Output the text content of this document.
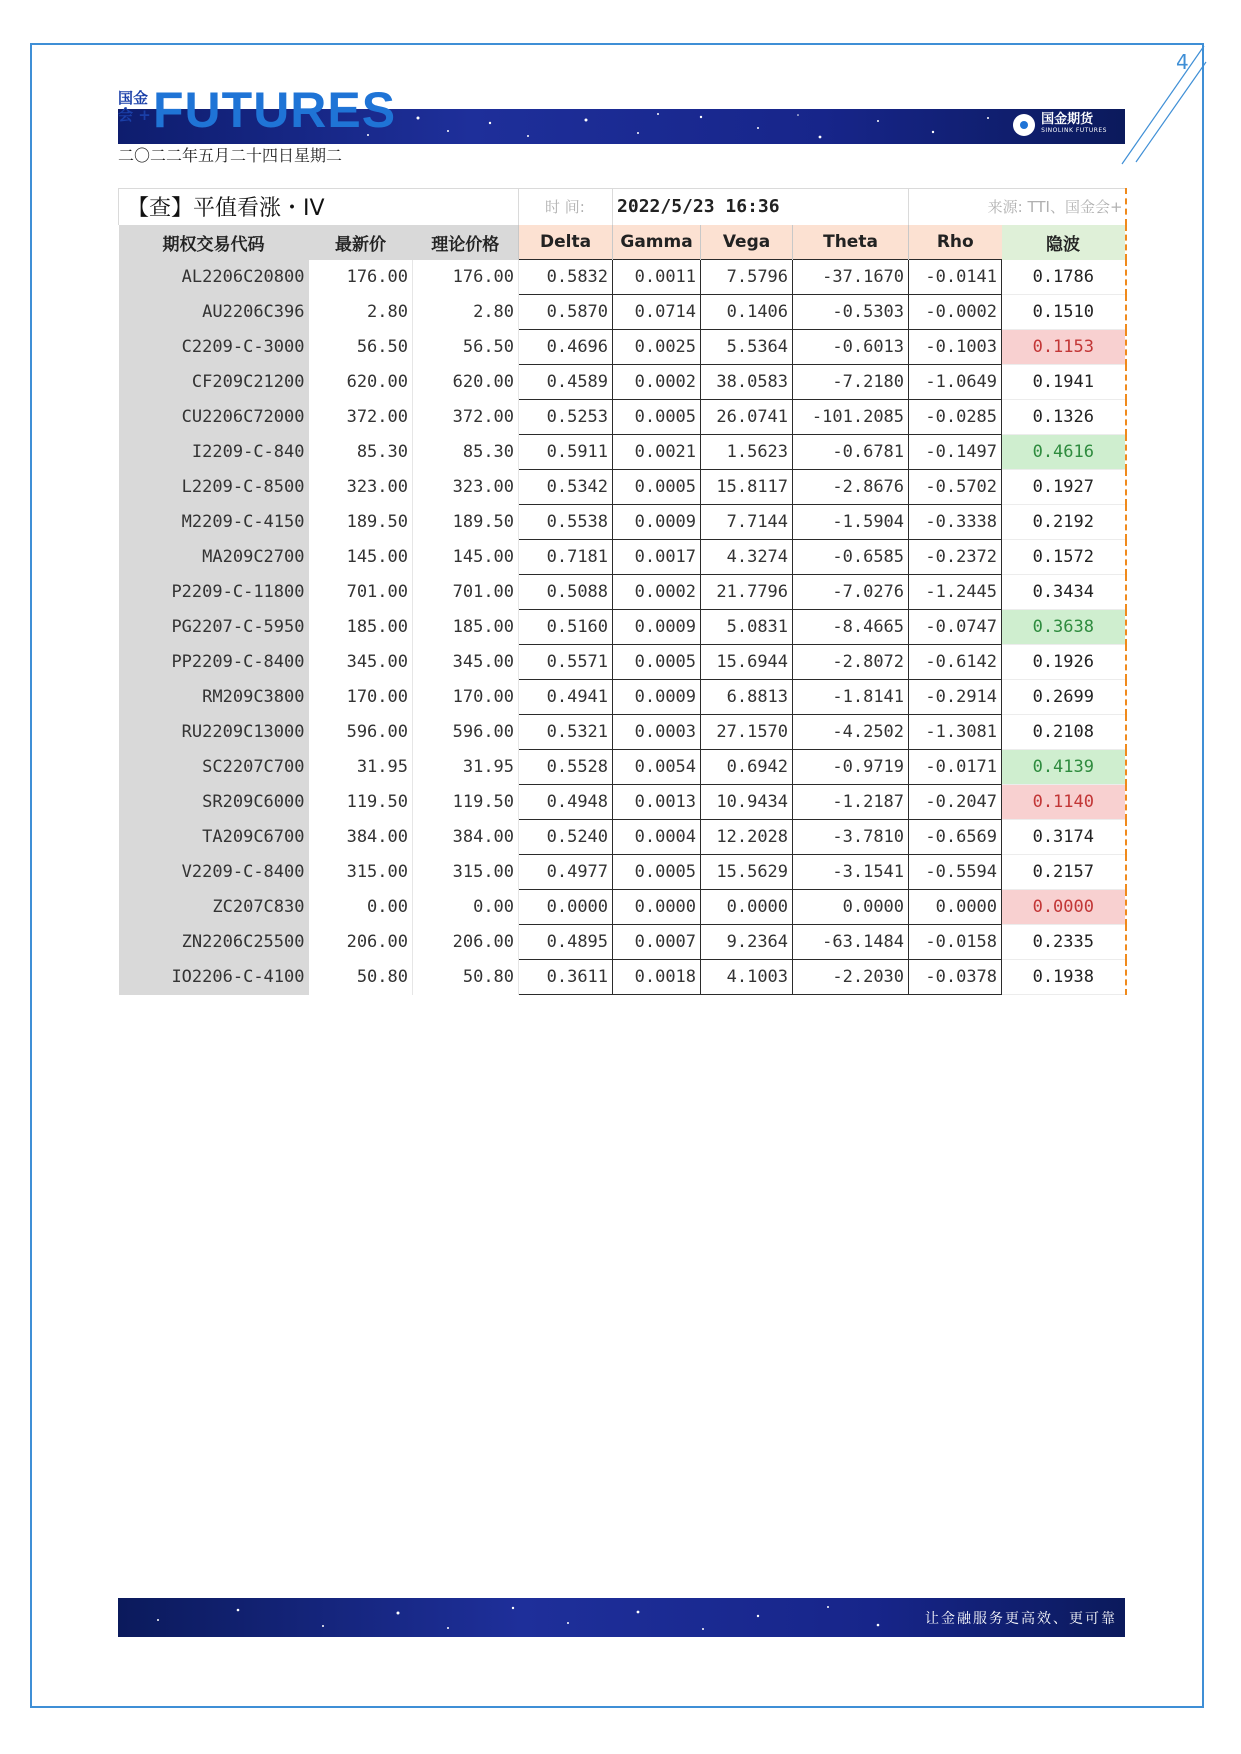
4
国金期货
SINOLINK FUTURES
国金
会 + FUTURES
二〇二二年五月二十四日星期二
【查】平值看涨・IV			时 间:	2022/5/23 16:36			来源: TTI、国金会+	
期权交易代码	最新价	理论价格	Delta	Gamma	Vega	Theta	Rho	隐波
AL2206C20800	176.00	176.00	0.5832	0.0011	7.5796	-37.1670	-0.0141	0.1786
AU2206C396	2.80	2.80	0.5870	0.0714	0.1406	-0.5303	-0.0002	0.1510
C2209-C-3000	56.50	56.50	0.4696	0.0025	5.5364	-0.6013	-0.1003	0.1153
CF209C21200	620.00	620.00	0.4589	0.0002	38.0583	-7.2180	-1.0649	0.1941
CU2206C72000	372.00	372.00	0.5253	0.0005	26.0741	-101.2085	-0.0285	0.1326
I2209-C-840	85.30	85.30	0.5911	0.0021	1.5623	-0.6781	-0.1497	0.4616
L2209-C-8500	323.00	323.00	0.5342	0.0005	15.8117	-2.8676	-0.5702	0.1927
M2209-C-4150	189.50	189.50	0.5538	0.0009	7.7144	-1.5904	-0.3338	0.2192
MA209C2700	145.00	145.00	0.7181	0.0017	4.3274	-0.6585	-0.2372	0.1572
P2209-C-11800	701.00	701.00	0.5088	0.0002	21.7796	-7.0276	-1.2445	0.3434
PG2207-C-5950	185.00	185.00	0.5160	0.0009	5.0831	-8.4665	-0.0747	0.3638
PP2209-C-8400	345.00	345.00	0.5571	0.0005	15.6944	-2.8072	-0.6142	0.1926
RM209C3800	170.00	170.00	0.4941	0.0009	6.8813	-1.8141	-0.2914	0.2699
RU2209C13000	596.00	596.00	0.5321	0.0003	27.1570	-4.2502	-1.3081	0.2108
SC2207C700	31.95	31.95	0.5528	0.0054	0.6942	-0.9719	-0.0171	0.4139
SR209C6000	119.50	119.50	0.4948	0.0013	10.9434	-1.2187	-0.2047	0.1140
TA209C6700	384.00	384.00	0.5240	0.0004	12.2028	-3.7810	-0.6569	0.3174
V2209-C-8400	315.00	315.00	0.4977	0.0005	15.5629	-3.1541	-0.5594	0.2157
ZC207C830	0.00	0.00	0.0000	0.0000	0.0000	0.0000	0.0000	0.0000
ZN2206C25500	206.00	206.00	0.4895	0.0007	9.2364	-63.1484	-0.0158	0.2335
IO2206-C-4100	50.80	50.80	0.3611	0.0018	4.1003	-2.2030	-0.0378	0.1938
让金融服务更高效、更可靠
